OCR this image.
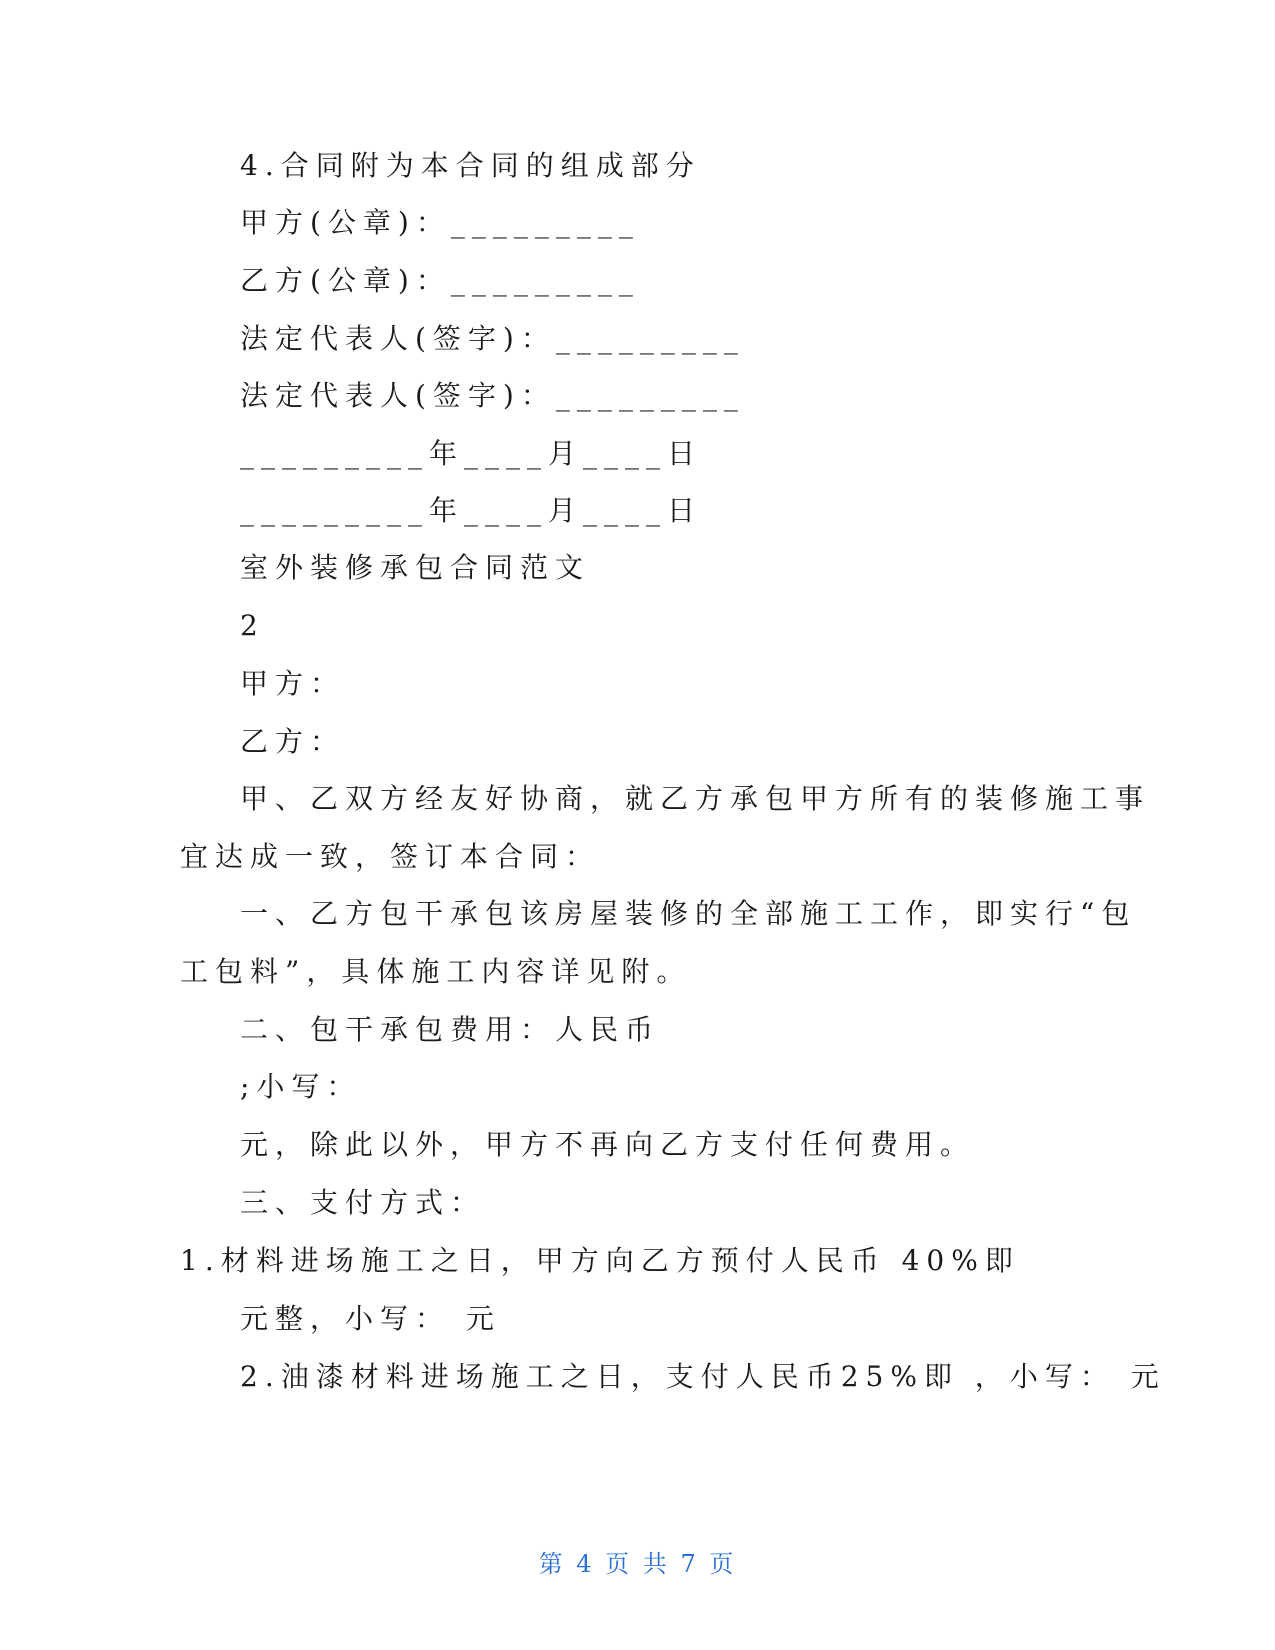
4.合同附为本合同的组成部分
甲方(公章)：_________
乙方(公章)：_________
法定代表人(签字)：_________
法定代表人(签字)：_________
_________年____月____日
_________年____月____日
室外装修承包合同范文
2
甲方：
乙方：
甲、乙双方经友好协商，就乙方承包甲方所有的装修施工事
宜达成一致，签订本合同：
一、乙方包干承包该房屋装修的全部施工工作，即实行“包
工包料”，具体施工内容详见附。
二、包干承包费用：人民币
;小写：
元，除此以外，甲方不再向乙方支付任何费用。
三、支付方式：
1.材料进场施工之日，甲方向乙方预付人民币 40%即
元整，小写： 元
2.油漆材料进场施工之日，支付人民币25%即 ，小写： 元
第 4 页 共 7 页
